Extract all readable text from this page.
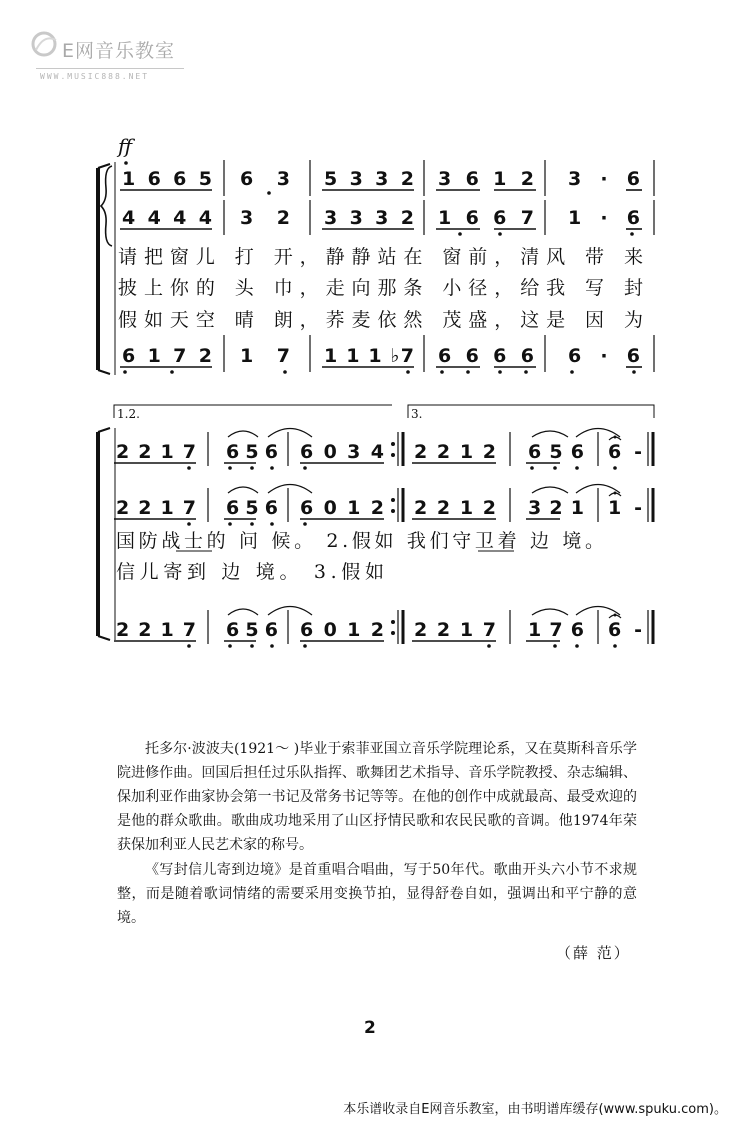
E网音乐教室
WWW.MUSIC888.NET
ff
1 6 6 5 6 3 5 3 3 2 3 6 1 2 3 · 6
4 4 4 4 3 2 3 3 3 2 1 6 6 7 1 · 6
请把窗儿 打 开，静静站在 窗前，清风 带 来
披上你的 头 巾，走向那条 小径，给我 写 封
假如天空 晴 朗，荞麦依然 茂盛，这是 因 为
6 1 7 2 1 7 1 1 1 ♭7 6 6 6 6 6 · 6
1.2.	3.
2 2 1 7 6 5 6 6 0 3 4 2 2 1 2 6 5 6 6 -
2 2 1 7 6 5 6 6 0 1 2 2 2 1 2 3 2 1 1 -
国防战士的 问 候。 2.假如 我们守卫着 边 境。
信儿寄到 边 境。 3.假如
2 2 1 7 6 5 6 6 0 1 2 2 2 1 7 1 7 6 6 -
托多尔·波波夫(1921～ )毕业于索菲亚国立音乐学院理论系，又在莫斯科音乐学院进修作曲。回国后担任过乐队指挥、歌舞团艺术指导、音乐学院教授、杂志编辑、保加利亚作曲家协会第一书记及常务书记等等。在他的创作中成就最高、最受欢迎的是他的群众歌曲。歌曲成功地采用了山区抒情民歌和农民民歌的音调。他1974年荣获保加利亚人民艺术家的称号。
《写封信儿寄到边境》是首重唱合唱曲，写于50年代。歌曲开头六小节不求规整，而是随着歌词情绪的需要采用变换节拍，显得舒卷自如，强调出和平宁静的意境。
（薛 范）
2
本乐谱收录自E网音乐教室，由书明谱库缓存(www.spuku.com)。
